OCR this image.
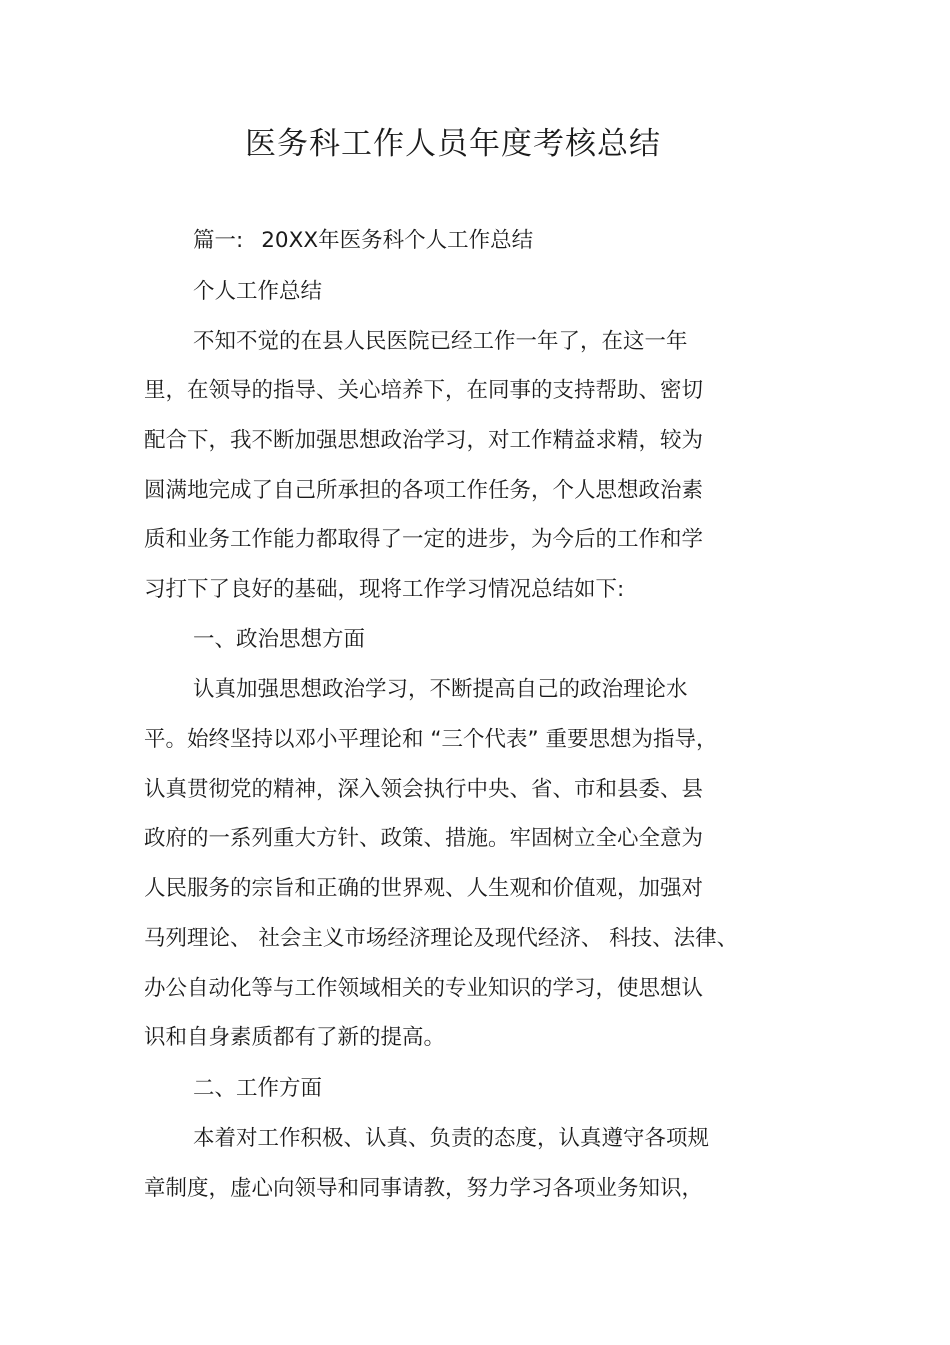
医务科工作人员年度考核总结
篇一: 20XX年医务科个人工作总结
个人工作总结
不知不觉的在县人民医院已经工作一年了，在这一年
里，在领导的指导、关心培养下，在同事的支持帮助、密切
配合下，我不断加强思想政治学习，对工作精益求精，较为
圆满地完成了自己所承担的各项工作任务，个人思想政治素
质和业务工作能力都取得了一定的进步，为今后的工作和学
习打下了良好的基础，现将工作学习情况总结如下:
一、政治思想方面
认真加强思想政治学习，不断提高自己的政治理论水
平。始终坚持以邓小平理论和 “三个代表” 重要思想为指导，
认真贯彻党的精神，深入领会执行中央、省、市和县委、县
政府的一系列重大方针、政策、措施。牢固树立全心全意为
人民服务的宗旨和正确的世界观、人生观和价值观，加强对
马列理论、 社会主义市场经济理论及现代经济、 科技、法律、
办公自动化等与工作领域相关的专业知识的学习，使思想认
识和自身素质都有了新的提高。
二、工作方面
本着对工作积极、认真、负责的态度，认真遵守各项规
章制度，虚心向领导和同事请教，努力学习各项业务知识，
